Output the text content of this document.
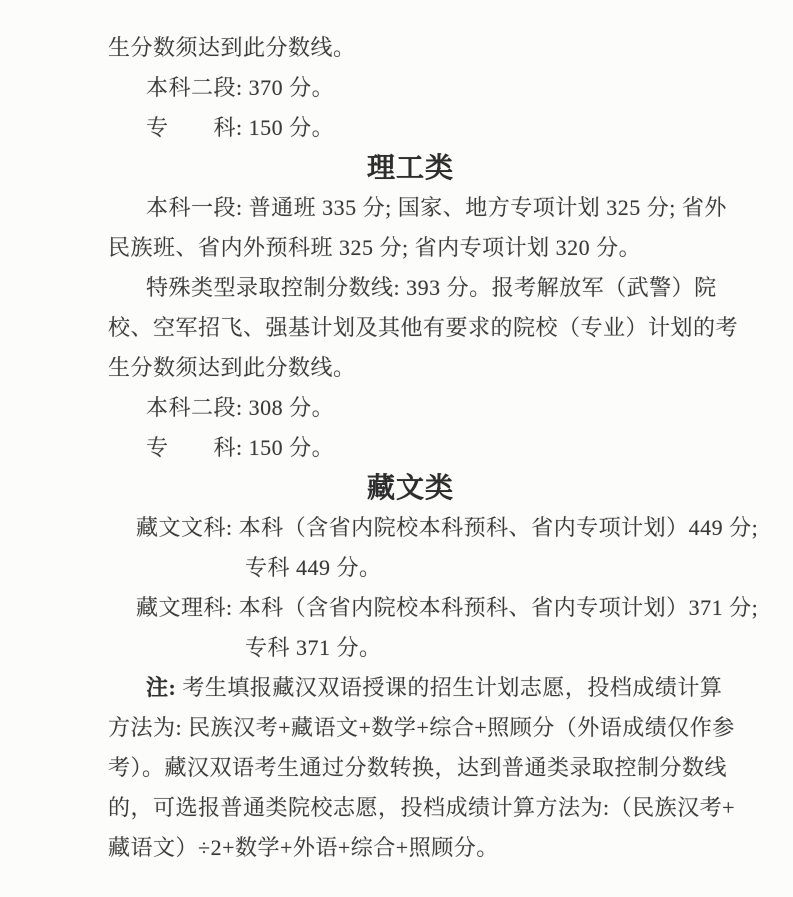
生分数须达到此分数线。
本科二段: 370 分。
专　　科: 150 分。
理工类
本科一段: 普通班 335 分; 国家、地方专项计划 325 分; 省外
民族班、省内外预科班 325 分; 省内专项计划 320 分。
特殊类型录取控制分数线: 393 分。报考解放军（武警）院
校、空军招飞、强基计划及其他有要求的院校（专业）计划的考
生分数须达到此分数线。
本科二段: 308 分。
专　　科: 150 分。
藏文类
藏文文科: 本科（含省内院校本科预科、省内专项计划）449 分;
专科 449 分。
藏文理科: 本科（含省内院校本科预科、省内专项计划）371 分;
专科 371 分。
注: 考生填报藏汉双语授课的招生计划志愿，投档成绩计算
方法为: 民族汉考+藏语文+数学+综合+照顾分（外语成绩仅作参
考）。藏汉双语考生通过分数转换，达到普通类录取控制分数线
的，可选报普通类院校志愿，投档成绩计算方法为:（民族汉考+
藏语文）÷2+数学+外语+综合+照顾分。
